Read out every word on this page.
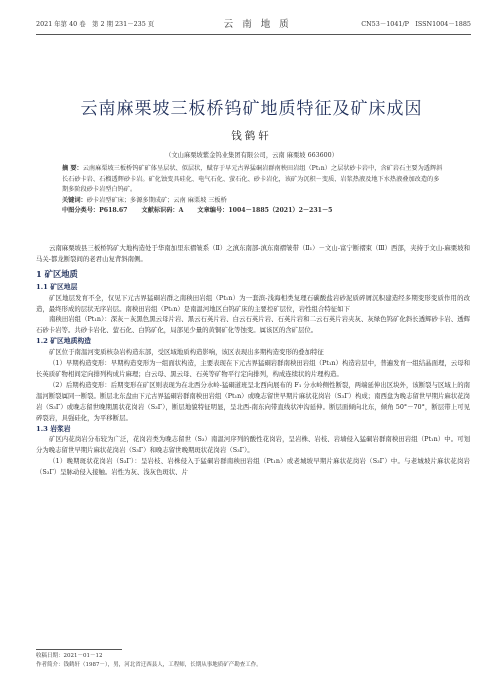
2021 年第 40 卷　第 2 期 231－235 页	云 南 地 质	CN53－1041/P　ISSN1004－1885
云南麻栗坡三板桥钨矿地质特征及矿床成因
钱鹤轩
（文山麻栗坡紫金钨业集团有限公司，云南 麻栗坡 663600）

摘 要：云南麻栗坡三板桥钨矿矿体呈层状、似层状，赋存于早元古界猛硐岩群南秧田岩组（Pt₁n）之层状砂卡岩中，含矿岩石主要为透辉斜长石砂卡岩、石榴透辉砂卡岩。矿化蚀变具硅化、电气石化、萤石化、砂卡岩化，该矿为沉积－变质、岩浆热液及地下水热液叠加改造的多期多阶段砂卡岩型白钨矿。

关键词：砂卡岩型矿床；多源多期成矿；云南 麻栗坡 三板桥

中图分类号：P618.67 文献标识码：A 文章编号：1004－1885（2021）2－231－5

云南麻栗坡县三板桥钨矿大地构造处于华南加里东褶皱系（Ⅱ）之滇东南部-滇东南褶皱带（Ⅱ₁）－文山-富宁断褶束（Ⅲ）西部，夹持于文山-麻栗坡和马关-都龙断裂间的老君山复背斜南侧。

1 矿区地质
1.1 矿区地层

矿区地层发育不全，仅见下元古界猛硐岩群之南秧田岩组（Pt₁n）为一套滨-浅海相类复理石碳酸盐岩砂泥质碎屑沉积建造经多期变形变质作用的改造，最终形成的层状无序岩层。南秧田岩组（Pt₁n）是南温河地区白钨矿床的主要控矿层位，岩性组合特征如下

南秧田岩组（Pt₁n）：深灰－灰黑色黑云母片岩、黑云石英片岩、白云石英片岩、石英片岩和二云石英片岩夹灰、灰绿色钨矿化斜长透辉砂卡岩、透辉石砂卡岩等。共砂卡岩化、萤石化、白钨矿化，局部见少量的黄铜矿化等蚀变。属该区的含矿层位。

1.2 矿区地质构造

矿区位于南温河变质核杂岩构造东部，受区域地质构造影响，该区表现出多期构造变形的叠加特征

（1）早期构造变形：早期构造变形为一组面状构造，主要表现在下元古界猛硐岩群南秧田岩组（Pt₁n）构造岩层中，普遍发育一组结晶面理，云母和长英质矿物相间定向排列构成片麻理；白云母、黑云母、石英等矿物平行定向排列，构成连续状的片理构造。

（2）后期构造变形：后期变形在矿区则表现为在北西分水岭-猛硐道班呈北西向展布的 F₁ 分水岭侧性断裂，两端延伸出区块外，该断裂与区域上的南温河断裂属同一断裂。断层北东盘由下元古界猛硐岩群南秧田岩组（Pt₁n）或晚志留世早期片麻状花岗岩（S₃Γ）构成；南西盘为晚志留世早期片麻状花岗岩（S₃Γ）或晚志留世晚期黑状花岗岩（S₃Γ），断层地貌特征明显，呈北西-南东向带直线状冲沟延伸。断层面倾向北东，倾角 50°－70°，断层带上可见碎裂岩，具强硅化，为平移断层。

1.3 岩浆岩

矿区内花岗岩分布较为广泛，花岗岩类为晚志留世（S₃）南温河序列的酸性花岗岩，呈岩株、岩枝、岩墙侵入猛硐岩群南秧田岩组（Pt₁n）中。可划分为晚志留世早期片麻状花岗岩（S₃Γ）和晚志留世晚期斑状花岗岩（S₃Γ）。

（1）晚期斑状花岗岩（S₃Γ）：呈岩枝、岩株侵入于猛硐岩群南秧田岩组（Pt₁n）或老城坡早期片麻状花岗岩（S₃Γ）中。与老城坡片麻状花岗岩（S₃Γ）呈脉动侵入接触。岩性为灰、浅灰色斑状、片

收稿日期：2021－01－12

作者简介：钱鹤轩（1987－），男，河北省迁西县人，工程师，长期从事地质矿产勘查工作。
